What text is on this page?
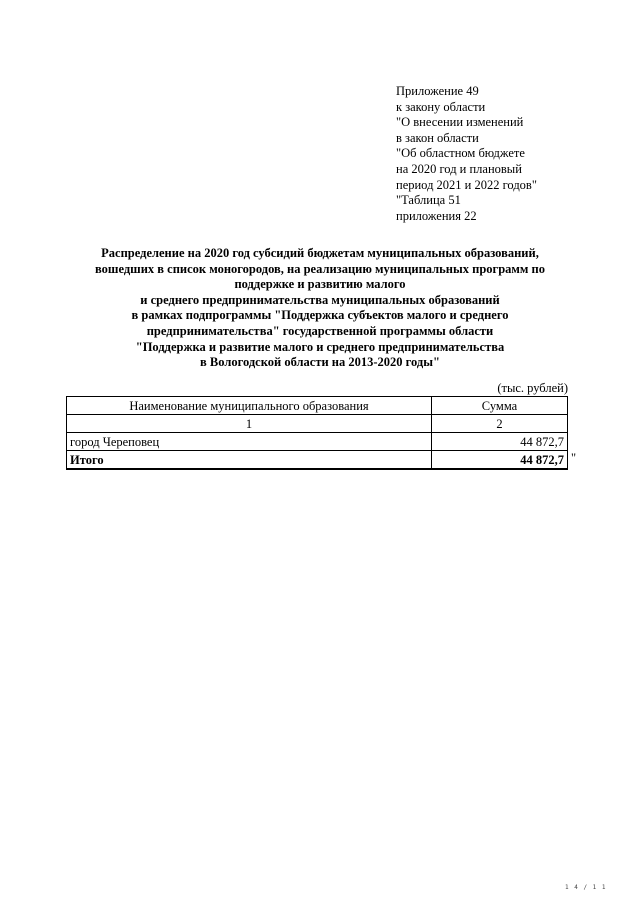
Приложение 49
к закону области
"О внесении изменений
в закон области
"Об областном бюджете
на 2020 год и плановый
период 2021 и 2022 годов"
"Таблица 51
приложения 22
Распределение на 2020 год субсидий бюджетам муниципальных образований,
вошедших в список моногородов, на реализацию муниципальных программ по
поддержке и развитию малого
и среднего предпринимательства муниципальных образований
в рамках подпрограммы "Поддержка субъектов малого и среднего
предпринимательства" государственной программы области
"Поддержка и развитие малого и среднего предпринимательства
в Вологодской области на 2013-2020 годы"
(тыс. рублей)
Наименование муниципального образования	Сумма
1	2
город Череповец	44 872,7
Итого	44 872,7 "
1 4 / 1 1
